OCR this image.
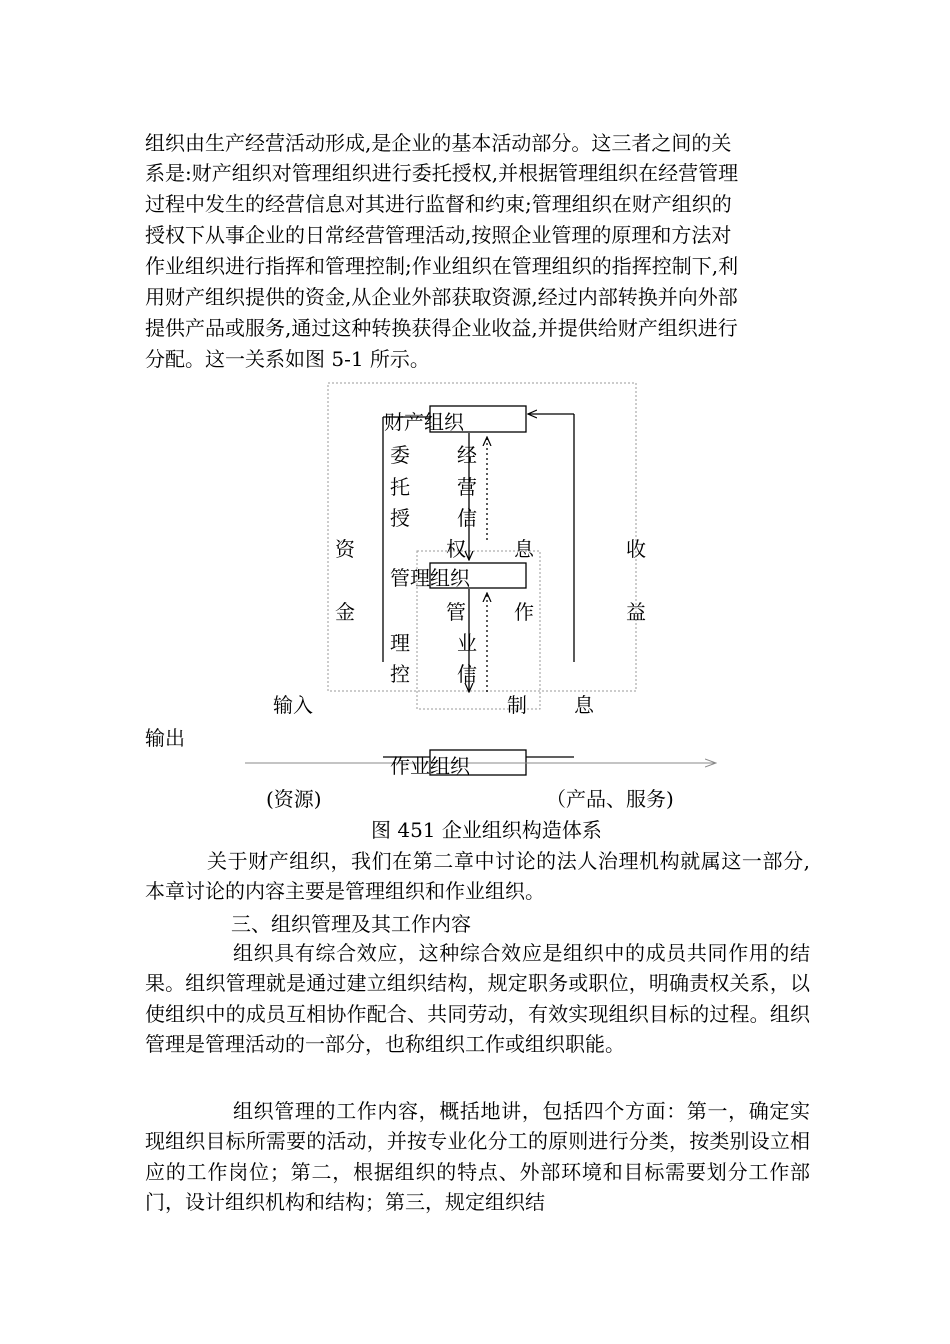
组织由生产经营活动形成,是企业的基本活动部分。这三者之间的关
系是:财产组织对管理组织进行委托授权,并根据管理组织在经营管理
过程中发生的经营信息对其进行监督和约束;管理组织在财产组织的
授权下从事企业的日常经营管理活动,按照企业管理的原理和方法对
作业组织进行指挥和管理控制;作业组织在管理组织的指挥控制下,利
用财产组织提供的资金,从企业外部获取资源,经过内部转换并向外部
提供产品或服务,通过这种转换获得企业收益,并提供给财产组织进行
分配。这一关系如图 5-1 所示。
财产组织
管理组织
作业组织
委
托
授
权
经
营
信
息
资
金
收
益
管
理
控
制
作
业
信
息
输入
输出
(资源)	（产品、服务)
图 451 企业组织构造体系
关于财产组织，我们在第二章中讨论的法人治理机构就属这一部分,本章讨论的内容主要是管理组织和作业组织。
三、组织管理及其工作内容
组织具有综合效应，这种综合效应是组织中的成员共同作用的结果。组织管理就是通过建立组织结构，规定职务或职位，明确责权关系，以使组织中的成员互相协作配合、共同劳动，有效实现组织目标的过程。组织管理是管理活动的一部分，也称组织工作或组织职能。
组织管理的工作内容，概括地讲，包括四个方面：第一，确定实现组织目标所需要的活动，并按专业化分工的原则进行分类，按类别设立相应的工作岗位；第二，根据组织的特点、外部环境和目标需要划分工作部门，设计组织机构和结构；第三，规定组织结
